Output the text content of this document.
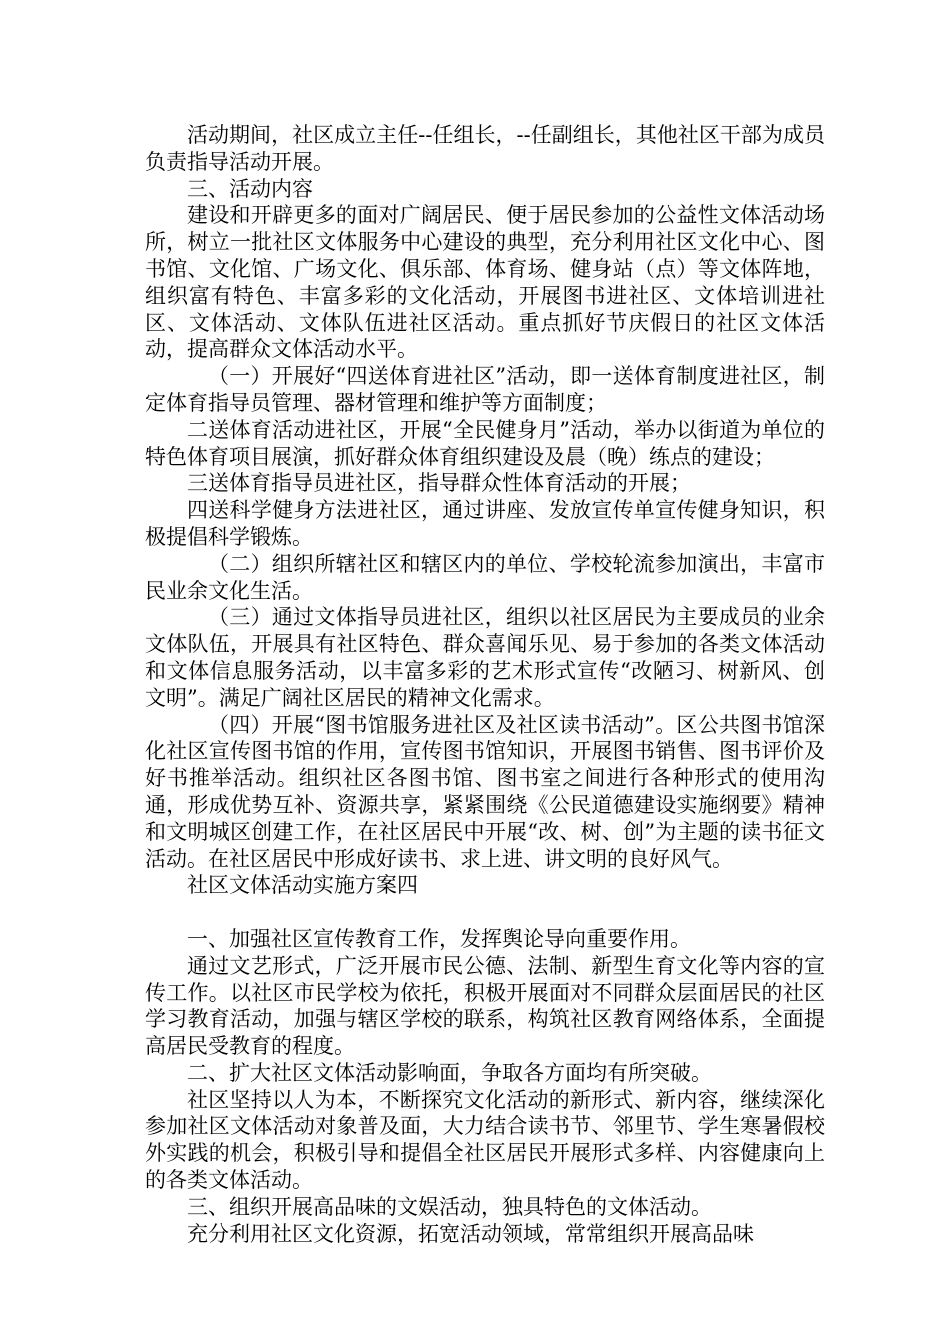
活动期间，社区成立主任--任组长，--任副组长，其他社区干部为成员负责指导活动开展。

三、活动内容

建设和开辟更多的面对广阔居民、便于居民参加的公益性文体活动场所，树立一批社区文体服务中心建设的典型，充分利用社区文化中心、图书馆、文化馆、广场文化、俱乐部、体育场、健身站（点）等文体阵地，组织富有特色、丰富多彩的文化活动，开展图书进社区、文体培训进社区、文体活动、文体队伍进社区活动。重点抓好节庆假日的社区文体活动，提高群众文体活动水平。

（一）开展好“四送体育进社区”活动，即一送体育制度进社区，制定体育指导员管理、器材管理和维护等方面制度；

二送体育活动进社区，开展“全民健身月”活动，举办以街道为单位的特色体育项目展演，抓好群众体育组织建设及晨（晚）练点的建设；

三送体育指导员进社区，指导群众性体育活动的开展；

四送科学健身方法进社区，通过讲座、发放宣传单宣传健身知识，积极提倡科学锻炼。

（二）组织所辖社区和辖区内的单位、学校轮流参加演出，丰富市民业余文化生活。

（三）通过文体指导员进社区，组织以社区居民为主要成员的业余文体队伍，开展具有社区特色、群众喜闻乐见、易于参加的各类文体活动和文体信息服务活动，以丰富多彩的艺术形式宣传“改陋习、树新风、创文明”。满足广阔社区居民的精神文化需求。

（四）开展“图书馆服务进社区及社区读书活动”。区公共图书馆深化社区宣传图书馆的作用，宣传图书馆知识，开展图书销售、图书评价及好书推举活动。组织社区各图书馆、图书室之间进行各种形式的使用沟通，形成优势互补、资源共享，紧紧围绕《公民道德建设实施纲要》精神和文明城区创建工作，在社区居民中开展“改、树、创”为主题的读书征文活动。在社区居民中形成好读书、求上进、讲文明的良好风气。

社区文体活动实施方案四

一、加强社区宣传教育工作，发挥舆论导向重要作用。

通过文艺形式，广泛开展市民公德、法制、新型生育文化等内容的宣传工作。以社区市民学校为依托，积极开展面对不同群众层面居民的社区学习教育活动，加强与辖区学校的联系，构筑社区教育网络体系，全面提高居民受教育的程度。

二、扩大社区文体活动影响面，争取各方面均有所突破。

社区坚持以人为本，不断探究文化活动的新形式、新内容，继续深化参加社区文体活动对象普及面，大力结合读书节、邻里节、学生寒暑假校外实践的机会，积极引导和提倡全社区居民开展形式多样、内容健康向上的各类文体活动。

三、组织开展高品味的文娱活动，独具特色的文体活动。

充分利用社区文化资源，拓宽活动领域，常常组织开展高品味
